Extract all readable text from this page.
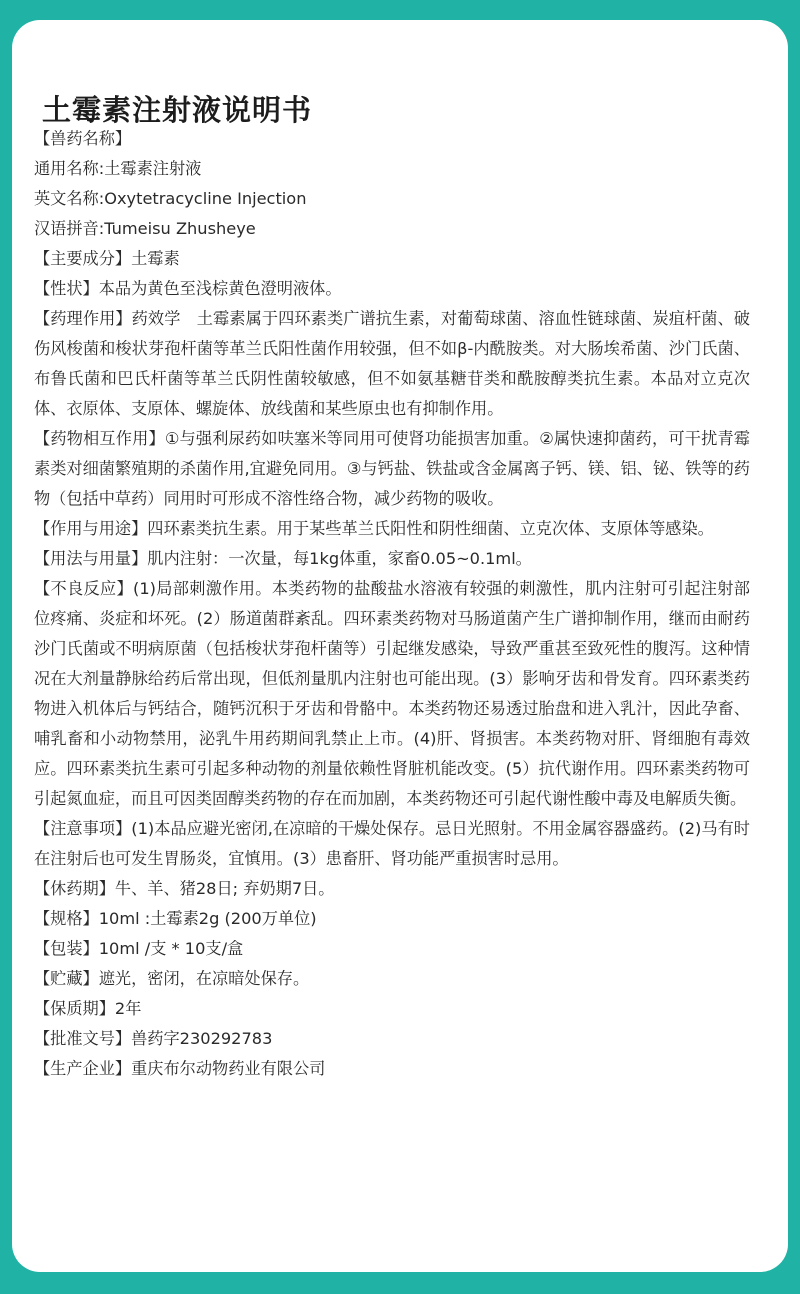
土霉素注射液说明书

【兽药名称】

通用名称:土霉素注射液

英文名称:Oxytetracycline Injection

汉语拼音:Tumeisu Zhusheye

【主要成分】土霉素

【性状】本品为黄色至浅棕黄色澄明液体。

【药理作用】药效学　土霉素属于四环素类广谱抗生素，对葡萄球菌、溶血性链球菌、炭疽杆菌、破伤风梭菌和梭状芽孢杆菌等革兰氏阳性菌作用较强，但不如β-内酰胺类。对大肠埃希菌、沙门氏菌、布鲁氏菌和巴氏杆菌等革兰氏阴性菌较敏感，但不如氨基糖苷类和酰胺醇类抗生素。本品对立克次体、衣原体、支原体、螺旋体、放线菌和某些原虫也有抑制作用。

【药物相互作用】①与强利尿药如呋塞米等同用可使肾功能损害加重。②属快速抑菌药，可干扰青霉素类对细菌繁殖期的杀菌作用,宜避免同用。③与钙盐、铁盐或含金属离子钙、镁、铝、铋、铁等的药物（包括中草药）同用时可形成不溶性络合物，减少药物的吸收。

【作用与用途】四环素类抗生素。用于某些革兰氏阳性和阴性细菌、立克次体、支原体等感染。

【用法与用量】肌内注射：一次量，每1kg体重，家畜0.05~0.1ml。

【不良反应】(1)局部刺激作用。本类药物的盐酸盐水溶液有较强的刺激性，肌内注射可引起注射部位疼痛、炎症和坏死。(2）肠道菌群紊乱。四环素类药物对马肠道菌产生广谱抑制作用，继而由耐药沙门氏菌或不明病原菌（包括梭状芽孢杆菌等）引起继发感染，导致严重甚至致死性的腹泻。这种情况在大剂量静脉给药后常出现，但低剂量肌内注射也可能出现。(3）影响牙齿和骨发育。四环素类药物进入机体后与钙结合，随钙沉积于牙齿和骨骼中。本类药物还易透过胎盘和进入乳汁，因此孕畜、哺乳畜和小动物禁用，泌乳牛用药期间乳禁止上市。(4)肝、肾损害。本类药物对肝、肾细胞有毒效应。四环素类抗生素可引起多种动物的剂量依赖性肾脏机能改变。(5）抗代谢作用。四环素类药物可引起氮血症，而且可因类固醇类药物的存在而加剧，本类药物还可引起代谢性酸中毒及电解质失衡。

【注意事项】(1)本品应避光密闭,在凉暗的干燥处保存。忌日光照射。不用金属容器盛药。(2)马有时在注射后也可发生胃肠炎，宜慎用。(3）患畜肝、肾功能严重损害时忌用。

【休药期】牛、羊、猪28日; 弃奶期7日。

【规格】10ml :土霉素2g (200万单位)

【包装】10ml /支 * 10支/盒

【贮藏】遮光，密闭，在凉暗处保存。

【保质期】2年

【批准文号】兽药字230292783

【生产企业】重庆布尔动物药业有限公司
